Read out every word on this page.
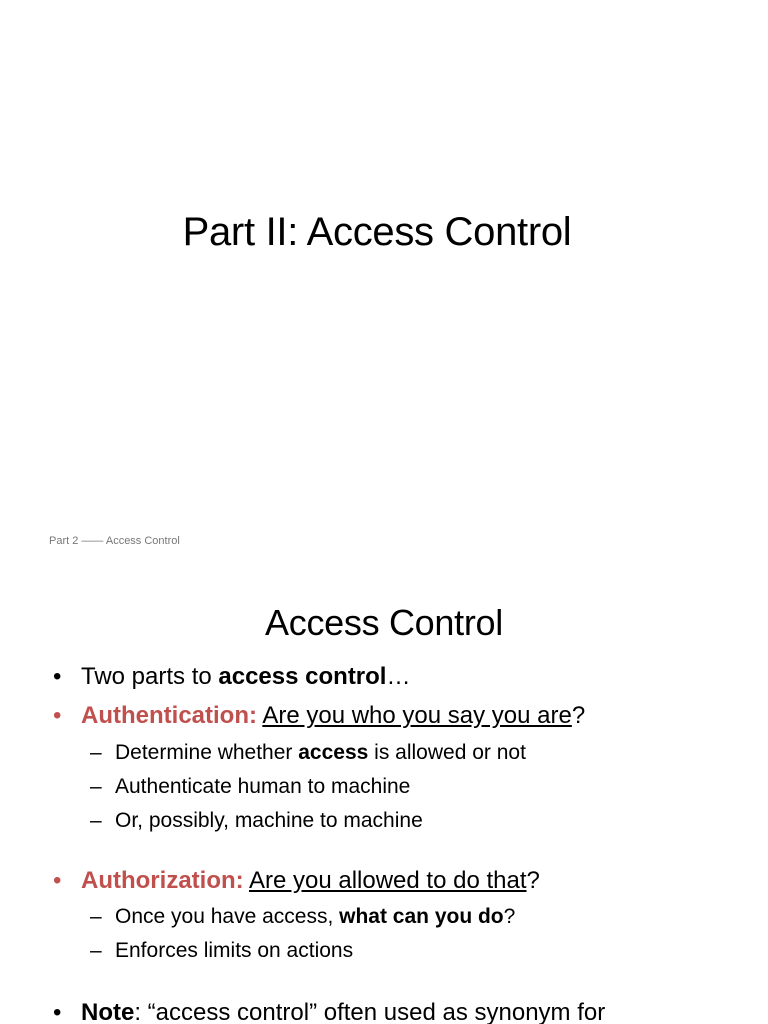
Part II: Access Control
Part 2 —— Access Control
Access Control
• Two parts to access control…
• Authentication: Are you who you say you are?
– Determine whether access is allowed or not
– Authenticate human to machine
– Or, possibly, machine to machine
• Authorization: Are you allowed to do that?
– Once you have access, what can you do?
– Enforces limits on actions
• Note: “access control” often used as synonym for
